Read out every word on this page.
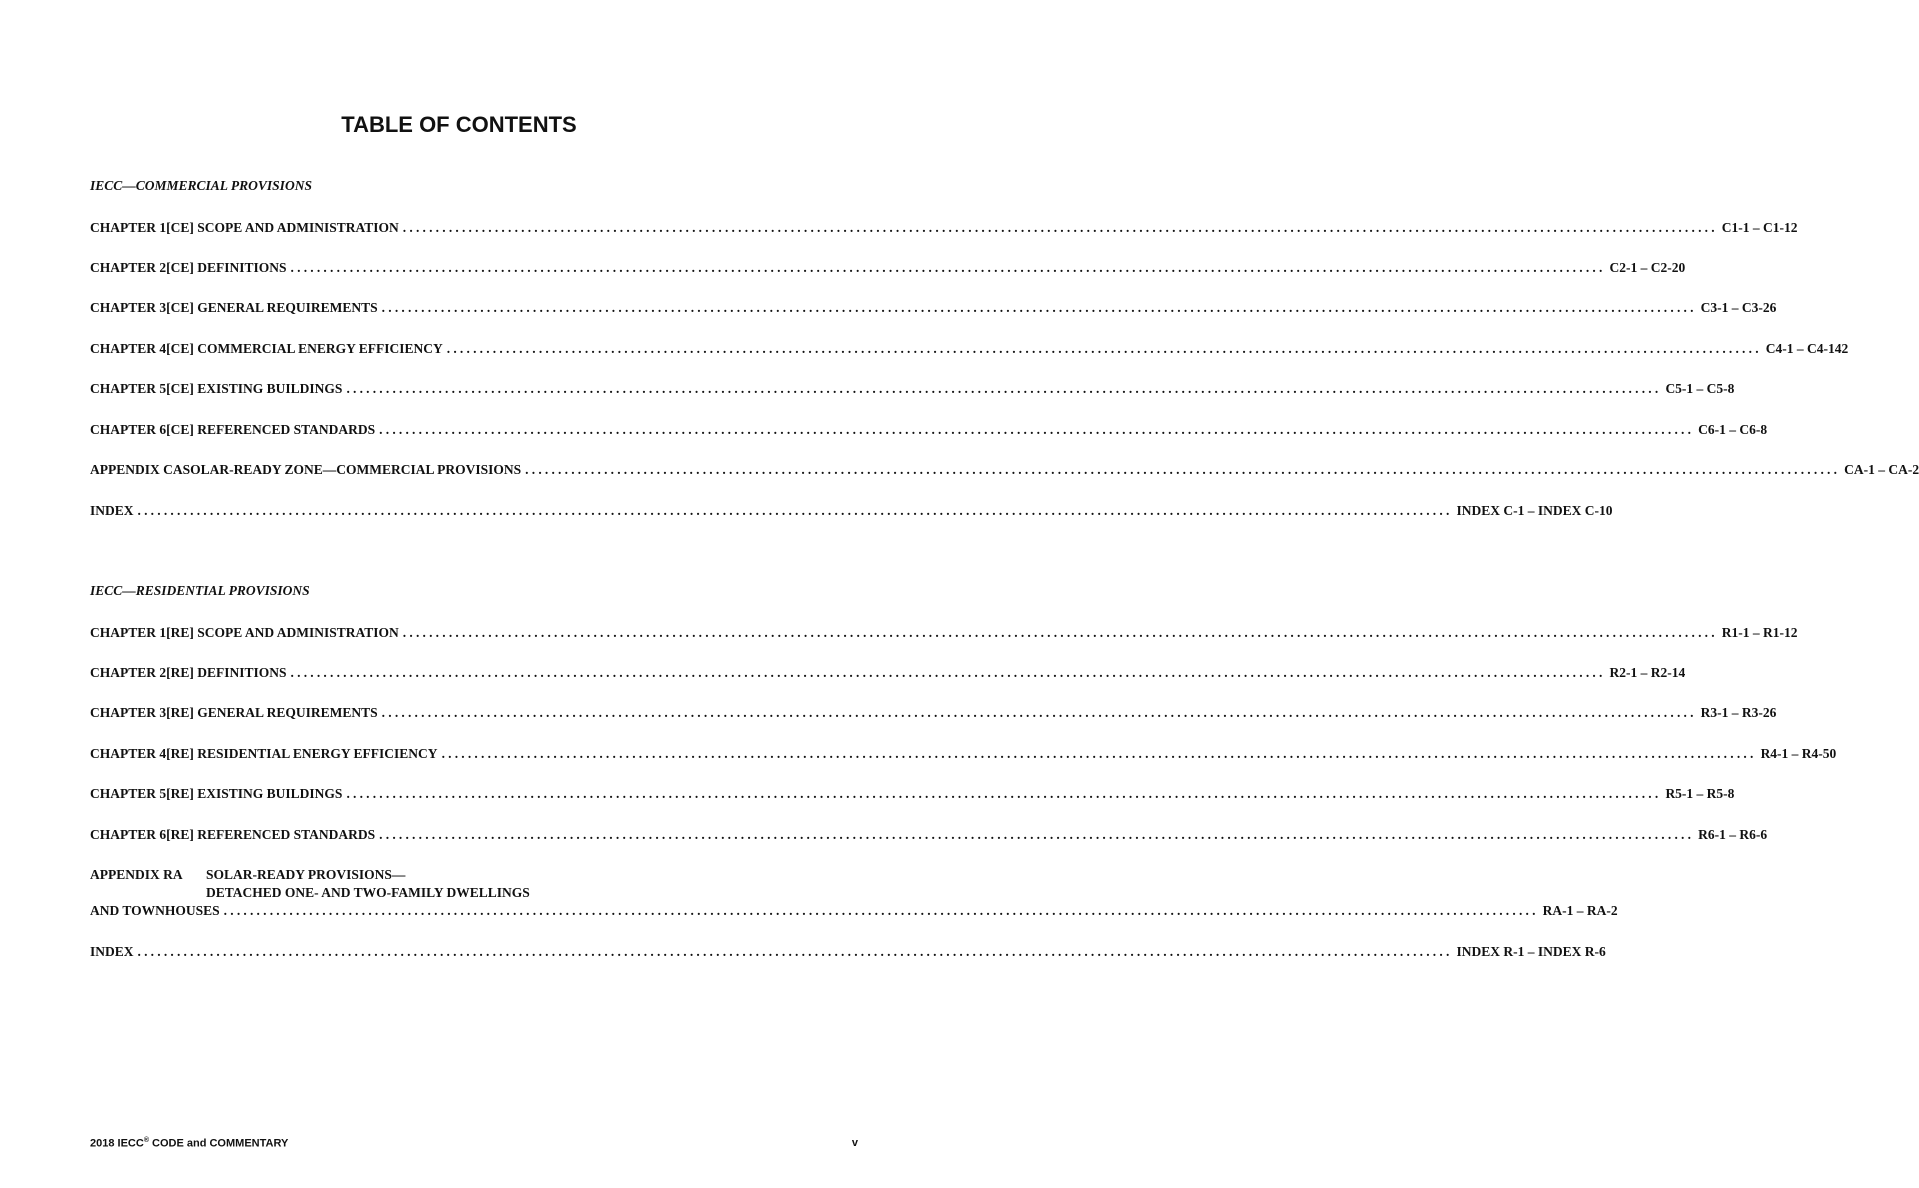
TABLE OF CONTENTS
IECC—COMMERCIAL PROVISIONS
CHAPTER 1 [CE] SCOPE AND ADMINISTRATION ........................................................................................................................................................................................................ C1-1 – C1-12
CHAPTER 2 [CE] DEFINITIONS ........................................................................................................................................................................................................ C2-1 – C2-20
CHAPTER 3 [CE] GENERAL REQUIREMENTS ........................................................................................................................................................................................................ C3-1 – C3-26
CHAPTER 4 [CE] COMMERCIAL ENERGY EFFICIENCY ........................................................................................................................................................................................................ C4-1 – C4-142
CHAPTER 5 [CE] EXISTING BUILDINGS ........................................................................................................................................................................................................ C5-1 – C5-8
CHAPTER 6 [CE] REFERENCED STANDARDS ........................................................................................................................................................................................................ C6-1 – C6-8
APPENDIX CA SOLAR-READY ZONE—COMMERCIAL PROVISIONS ........................................................................................................................................................................................................ CA-1 – CA-2
INDEX ........................................................................................................................................................................................................ INDEX C-1 – INDEX C-10
IECC—RESIDENTIAL PROVISIONS
CHAPTER 1 [RE] SCOPE AND ADMINISTRATION ........................................................................................................................................................................................................ R1-1 – R1-12
CHAPTER 2 [RE] DEFINITIONS ........................................................................................................................................................................................................ R2-1 – R2-14
CHAPTER 3 [RE] GENERAL REQUIREMENTS ........................................................................................................................................................................................................ R3-1 – R3-26
CHAPTER 4 [RE] RESIDENTIAL ENERGY EFFICIENCY ........................................................................................................................................................................................................ R4-1 – R4-50
CHAPTER 5 [RE] EXISTING BUILDINGS ........................................................................................................................................................................................................ R5-1 – R5-8
CHAPTER 6 [RE] REFERENCED STANDARDS ........................................................................................................................................................................................................ R6-1 – R6-6
APPENDIX RA	SOLAR-READY PROVISIONS—
DETACHED ONE- AND TWO-FAMILY DWELLINGS
AND TOWNHOUSES ........................................................................................................................................................................................................ RA-1 – RA-2
INDEX ........................................................................................................................................................................................................ INDEX R-1 – INDEX R-6
2018 IECC® CODE and COMMENTARY	v
